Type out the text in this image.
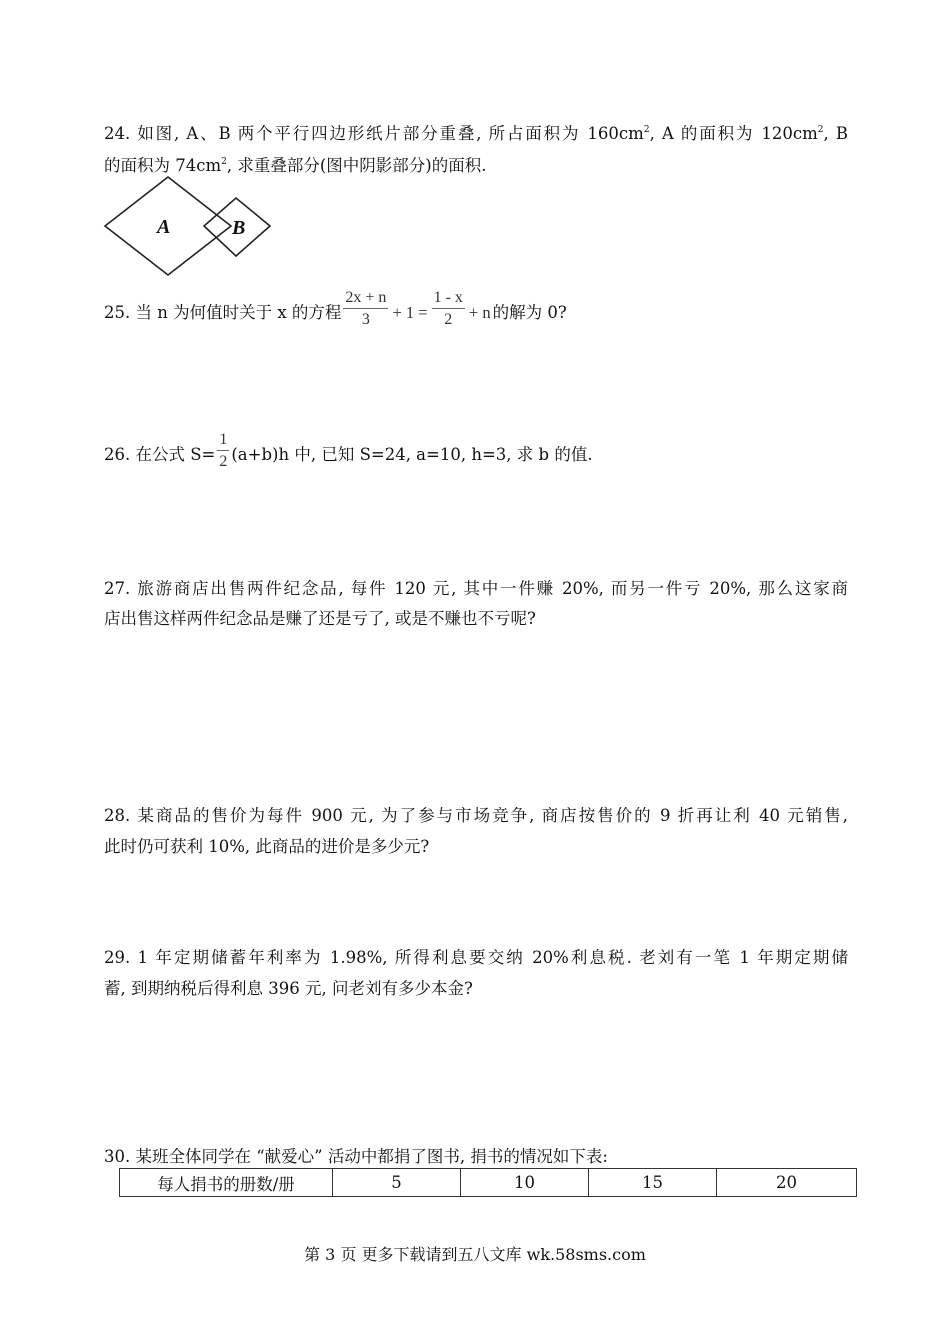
24. 如图, A、B 两个平行四边形纸片部分重叠, 所占面积为 $160cm^2$, A 的面积为 $120cm^2$, B
的面积为 $74cm^2$, 求重叠部分(图中阴影部分)的面积.
A	B
25. 当 n 为何值时关于 x 的方程 $\frac{2x + n}{3} + 1 = \frac{1 - x}{2} + n$ 的解为 0?
26. 在公式 $S= \frac{1}{2} (a+b)h$ 中, 已知 S=24, a=10, h=3, 求 b 的值.
27. 旅游商店出售两件纪念品, 每件 120 元, 其中一件赚 20%, 而另一件亏 20%, 那么这家商
店出售这样两件纪念品是赚了还是亏了, 或是不赚也不亏呢?
28. 某商品的售价为每件 900 元, 为了参与市场竞争, 商店按售价的 9 折再让利 40 元销售,
此时仍可获利 10%, 此商品的进价是多少元?
29. 1 年定期储蓄年利率为 1.98%, 所得利息要交纳 20%利息税. 老刘有一笔 1 年期定期储
蓄, 到期纳税后得利息 396 元, 问老刘有多少本金?
30. 某班全体同学在 “献爱心” 活动中都捐了图书, 捐书的情况如下表:
每人捐书的册数/册	5	10	15	20
第 3 页 更多下载请到五八文库 wk.58sms.com
